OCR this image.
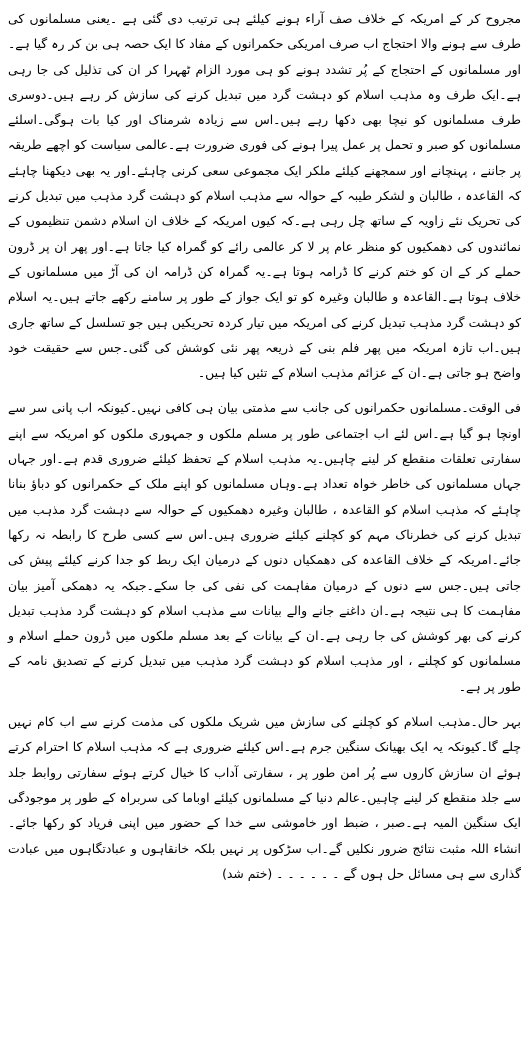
مجروح کر کے امریکہ کے خلاف صف آراء ہونے کیلئے ہی ترتیب دی گئی ہے ۔یعنی مسلمانوں کی طرف سے ہونے والا احتجاج اب صرف امریکی حکمرانوں کے مفاد کا ایک حصہ ہی بن کر رہ گیا ہے۔اور مسلمانوں کے احتجاج کے پُر تشدد ہونے کو ہی مورد الزام ٹھہرا کر ان کی تذلیل کی جا رہی ہے۔ایک طرف وہ مذہب اسلام کو دہشت گرد میں تبدیل کرنے کی سازش کر رہے ہیں۔دوسری طرف مسلمانوں کو نیچا بھی دکھا رہے ہیں۔اس سے زیادہ شرمناک اور کیا بات ہوگی۔اسلئے مسلمانوں کو صبر و تحمل پر عمل پیرا ہونے کی فوری ضرورت ہے۔عالمی سیاست کو اچھے طریقہ پر جاننے ، پہنچانے اور سمجھنے کیلئے ملکر ایک مجموعی سعی کرنی چاہئے۔اور یہ بھی دیکھنا چاہئے کہ القاعدہ ، طالبان و لشکر طیبہ کے حوالہ سے مذہب اسلام کو دہشت گرد مذہب میں تبدیل کرنے کی تحریک نئے زاویہ کے ساتھ چل رہی ہے۔کہ کیوں امریکہ کے خلاف ان اسلام دشمن تنظیموں کے نمائندوں کی دھمکیوں کو منظر عام پر لا کر عالمی رائے کو گمراہ کیا جاتا ہے۔اور پھر ان پر ڈرون حملے کر کے ان کو ختم کرنے کا ڈرامہ ہوتا ہے۔یہ گمراہ کن ڈرامہ ان کی آڑ میں مسلمانوں کے خلاف ہوتا ہے۔القاعدہ و طالبان وغیرہ کو تو ایک جواز کے طور پر سامنے رکھے جاتے ہیں۔یہ اسلام کو دہشت گرد مذہب تبدیل کرنے کی امریکہ میں تیار کردہ تحریکیں ہیں جو تسلسل کے ساتھ جاری ہیں۔اب تازہ امریکہ میں پھر فلم بنی کے ذریعہ پھر نئی کوشش کی گئی۔جس سے حقیقت خود واضح ہو جاتی ہے۔ان کے عزائم مذہب اسلام کے تئیں کیا ہیں۔

فی الوقت۔مسلمانوں حکمرانوں کی جانب سے مذمتی بیان ہی کافی نہیں۔کیونکہ اب پانی سر سے اونچا ہو گیا ہے۔اس لئے اب اجتماعی طور پر مسلم ملکوں و جمہوری ملکوں کو امریکہ سے اپنے سفارتی تعلقات منقطع کر لینے چاہیں۔یہ مذہب اسلام کے تحفظ کیلئے ضروری قدم ہے۔اور جہاں جہاں مسلمانوں کی خاطر خواہ تعداد ہے۔وہاں مسلمانوں کو اپنے ملک کے حکمرانوں کو دباؤ بنانا چاہئے کہ مذہب اسلام کو القاعدہ ، طالبان وغیرہ دھمکیوں کے حوالہ سے دہشت گرد مذہب میں تبدیل کرنے کی خطرناک مہم کو کچلنے کیلئے ضروری ہیں۔اس سے کسی طرح کا رابطہ نہ رکھا جائے۔امریکہ کے خلاف القاعدہ کی دھمکیاں دنوں کے درمیان ایک ربط کو جدا کرنے کیلئے پیش کی جاتی ہیں۔جس سے دنوں کے درمیان مفاہمت کی نفی کی جا سکے۔جبکہ یہ دھمکی آمیز بیان مفاہمت کا ہی نتیجہ ہے۔ان داغنے جانے والے بیانات سے مذہب اسلام کو دہشت گرد مذہب تبدیل کرنے کی بھر کوشش کی جا رہی ہے۔ان کے بیانات کے بعد مسلم ملکوں میں ڈرون حملے اسلام و مسلمانوں کو کچلنے ، اور مذہب اسلام کو دہشت گرد مذہب میں تبدیل کرنے کے تصدیق نامہ کے طور پر ہے۔

بہر حال۔مذہب اسلام کو کچلنے کی سازش میں شریک ملکوں کی مذمت کرنے سے اب کام نہیں چلے گا۔کیونکہ یہ ایک بھیانک سنگین جرم ہے۔اس کیلئے ضروری ہے کہ مذہب اسلام کا احترام کرتے ہوئے ان سازش کاروں سے پُر امن طور پر ، سفارتی آداب کا خیال کرتے ہوئے سفارتی روابط جلد سے جلد منقطع کر لینے چاہیں۔عالم دنیا کے مسلمانوں کیلئے اوباما کی سربراہ کے طور پر موجودگی ایک سنگین المیہ ہے۔صبر ، ضبط اور خاموشی سے خدا کے حضور میں اپنی فریاد کو رکھا جائے۔انشاء اللہ مثبت نتائج ضرور نکلیں گے۔اب سڑکوں پر نہیں بلکہ خانقاہوں و عبادتگاہوں میں عبادت گذاری سے ہی مسائل حل ہوں گے ۔ ۔ ۔ ۔ ۔ ۔ (ختم شد)
